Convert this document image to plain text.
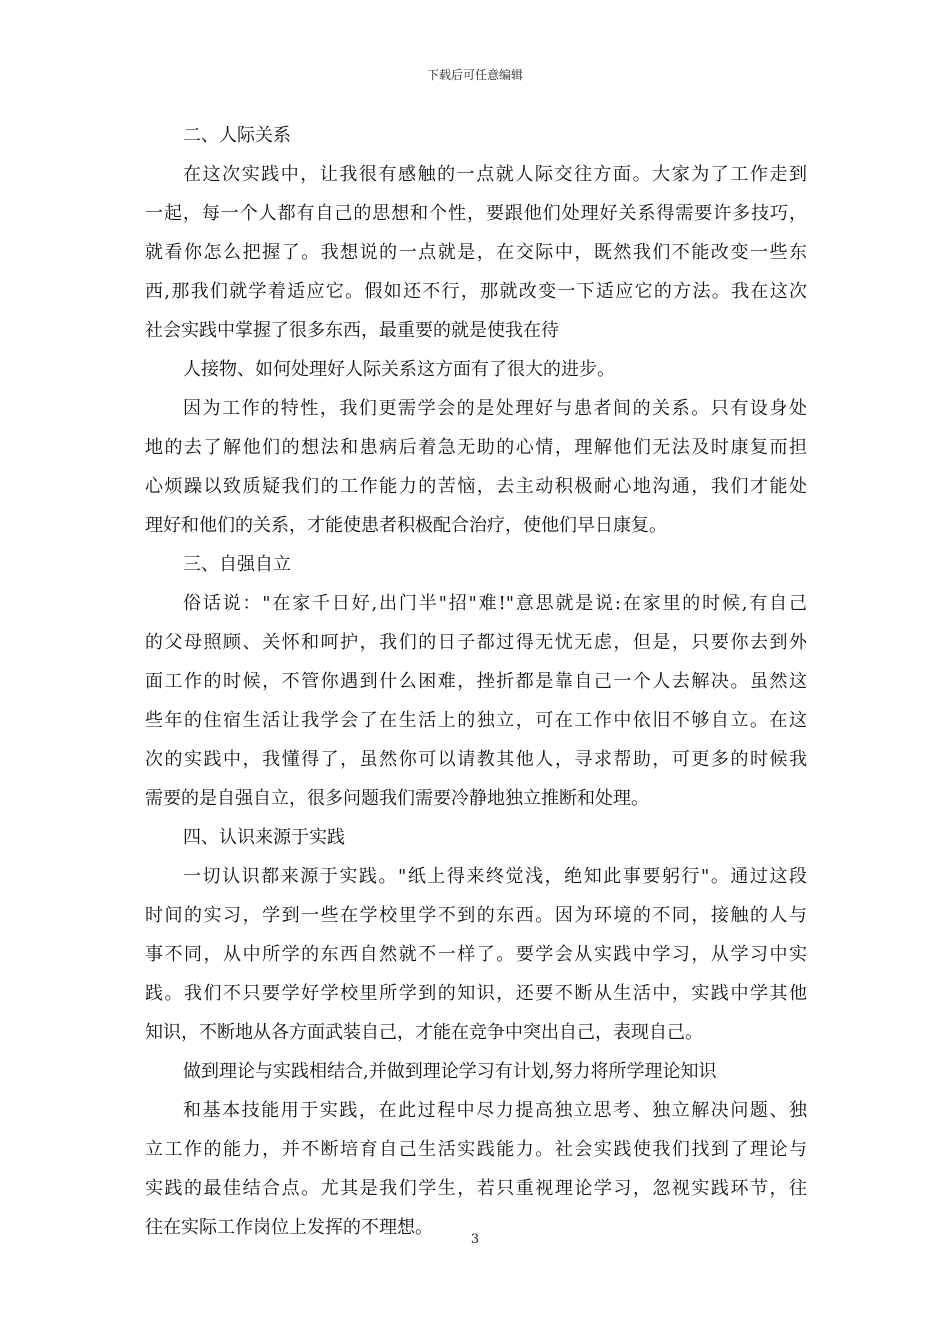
下载后可任意编辑
二、人际关系
在这次实践中，让我很有感触的一点就人际交往方面。大家为了工作走到
一起，每一个人都有自己的思想和个性，要跟他们处理好关系得需要许多技巧，
就看你怎么把握了。我想说的一点就是，在交际中，既然我们不能改变一些东
西,那我们就学着适应它。假如还不行，那就改变一下适应它的方法。我在这次
社会实践中掌握了很多东西，最重要的就是使我在待
人接物、如何处理好人际关系这方面有了很大的进步。
因为工作的特性，我们更需学会的是处理好与患者间的关系。只有设身处
地的去了解他们的想法和患病后着急无助的心情，理解他们无法及时康复而担
心烦躁以致质疑我们的工作能力的苦恼，去主动积极耐心地沟通，我们才能处
理好和他们的关系，才能使患者积极配合治疗，使他们早日康复。
三、自强自立
俗话说："在家千日好,出门半"招"难!"意思就是说:在家里的时候,有自己
的父母照顾、关怀和呵护，我们的日子都过得无忧无虑，但是，只要你去到外
面工作的时候，不管你遇到什么困难，挫折都是靠自己一个人去解决。虽然这
些年的住宿生活让我学会了在生活上的独立，可在工作中依旧不够自立。在这
次的实践中，我懂得了，虽然你可以请教其他人，寻求帮助，可更多的时候我
需要的是自强自立，很多问题我们需要冷静地独立推断和处理。
四、认识来源于实践
一切认识都来源于实践。"纸上得来终觉浅，绝知此事要躬行"。通过这段
时间的实习，学到一些在学校里学不到的东西。因为环境的不同，接触的人与
事不同，从中所学的东西自然就不一样了。要学会从实践中学习，从学习中实
践。我们不只要学好学校里所学到的知识，还要不断从生活中，实践中学其他
知识，不断地从各方面武装自己，才能在竞争中突出自己，表现自己。
做到理论与实践相结合,并做到理论学习有计划,努力将所学理论知识
和基本技能用于实践，在此过程中尽力提高独立思考、独立解决问题、独
立工作的能力，并不断培育自己生活实践能力。社会实践使我们找到了理论与
实践的最佳结合点。尤其是我们学生，若只重视理论学习，忽视实践环节，往
往在实际工作岗位上发挥的不理想。
3
